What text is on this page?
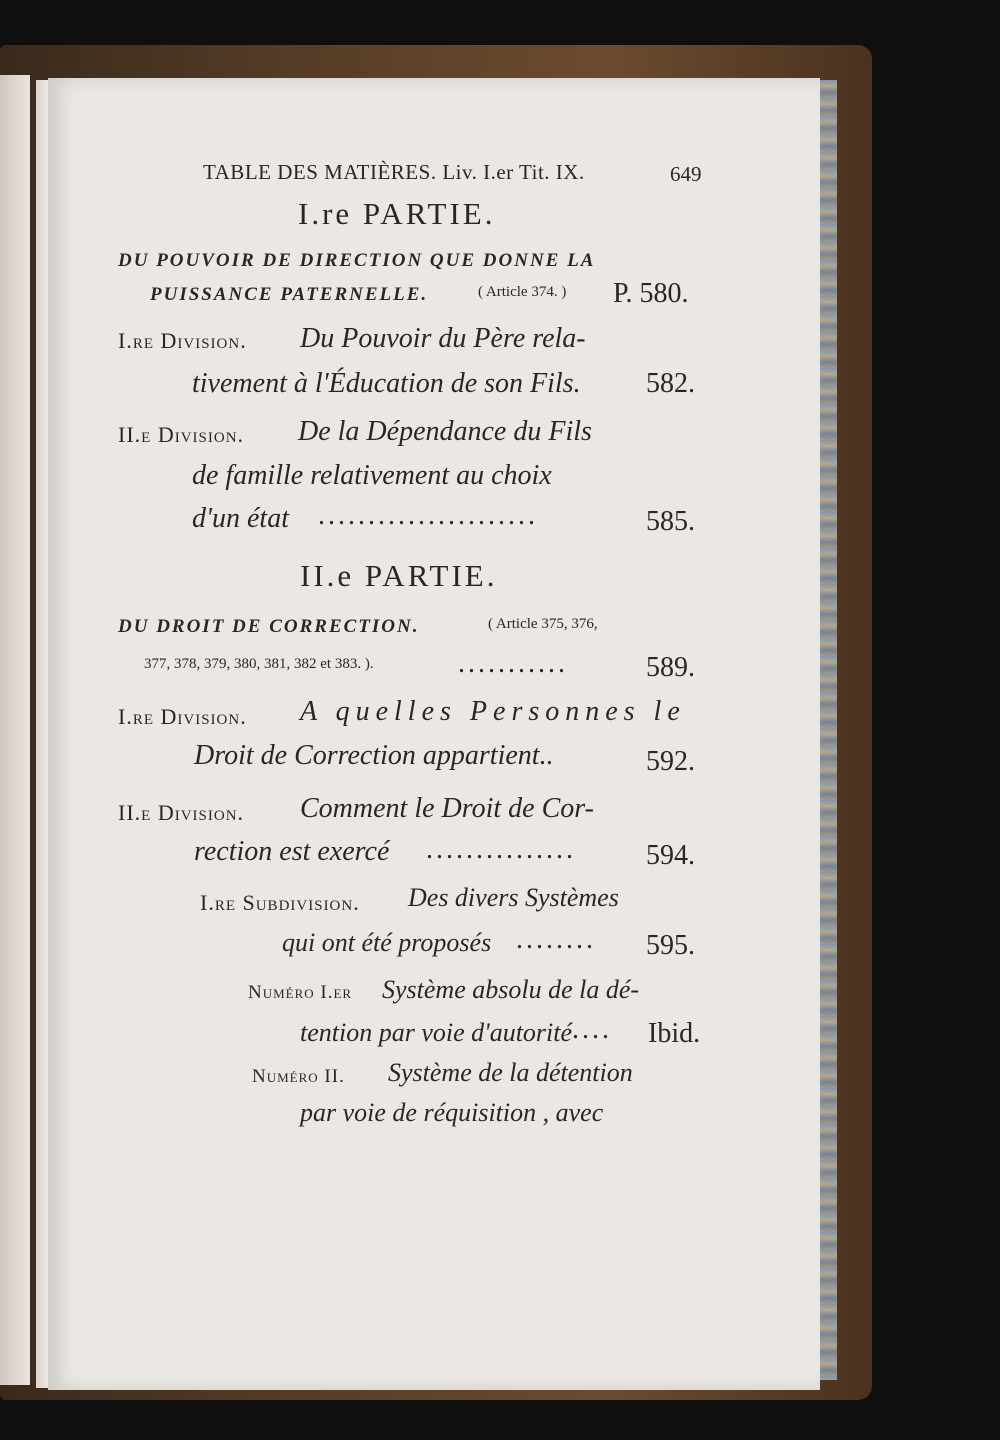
TABLE DES MATIÈRES. Liv. I.er Tit. IX.	649
I.re PARTIE.
DU POUVOIR DE DIRECTION QUE DONNE LA
PUISSANCE PATERNELLE.	( Article 374. ) P. 580.
I.re Division. Du Pouvoir du Père rela-
tivement à l'Éducation de son Fils. 582.
II.e Division. De la Dépendance du Fils
de famille relativement au choix
d'un état ......................	585.
II.e PARTIE.
DU DROIT DE CORRECTION.	( Article 375, 376,
377, 378, 379, 380, 381, 382 et 383. ).	...........	589.
I.re Division. A quelles Personnes le
Droit de Correction appartient..	592.
II.e Division. Comment le Droit de Cor-
rection est exercé ...............	594.
I.re Subdivision. Des divers Systèmes
qui ont été proposés ........ 595.
Numéro I.er Système absolu de la dé-
tention par voie d'autorité .... Ibid.
Numéro II. Système de la détention
par voie de réquisition , avec
